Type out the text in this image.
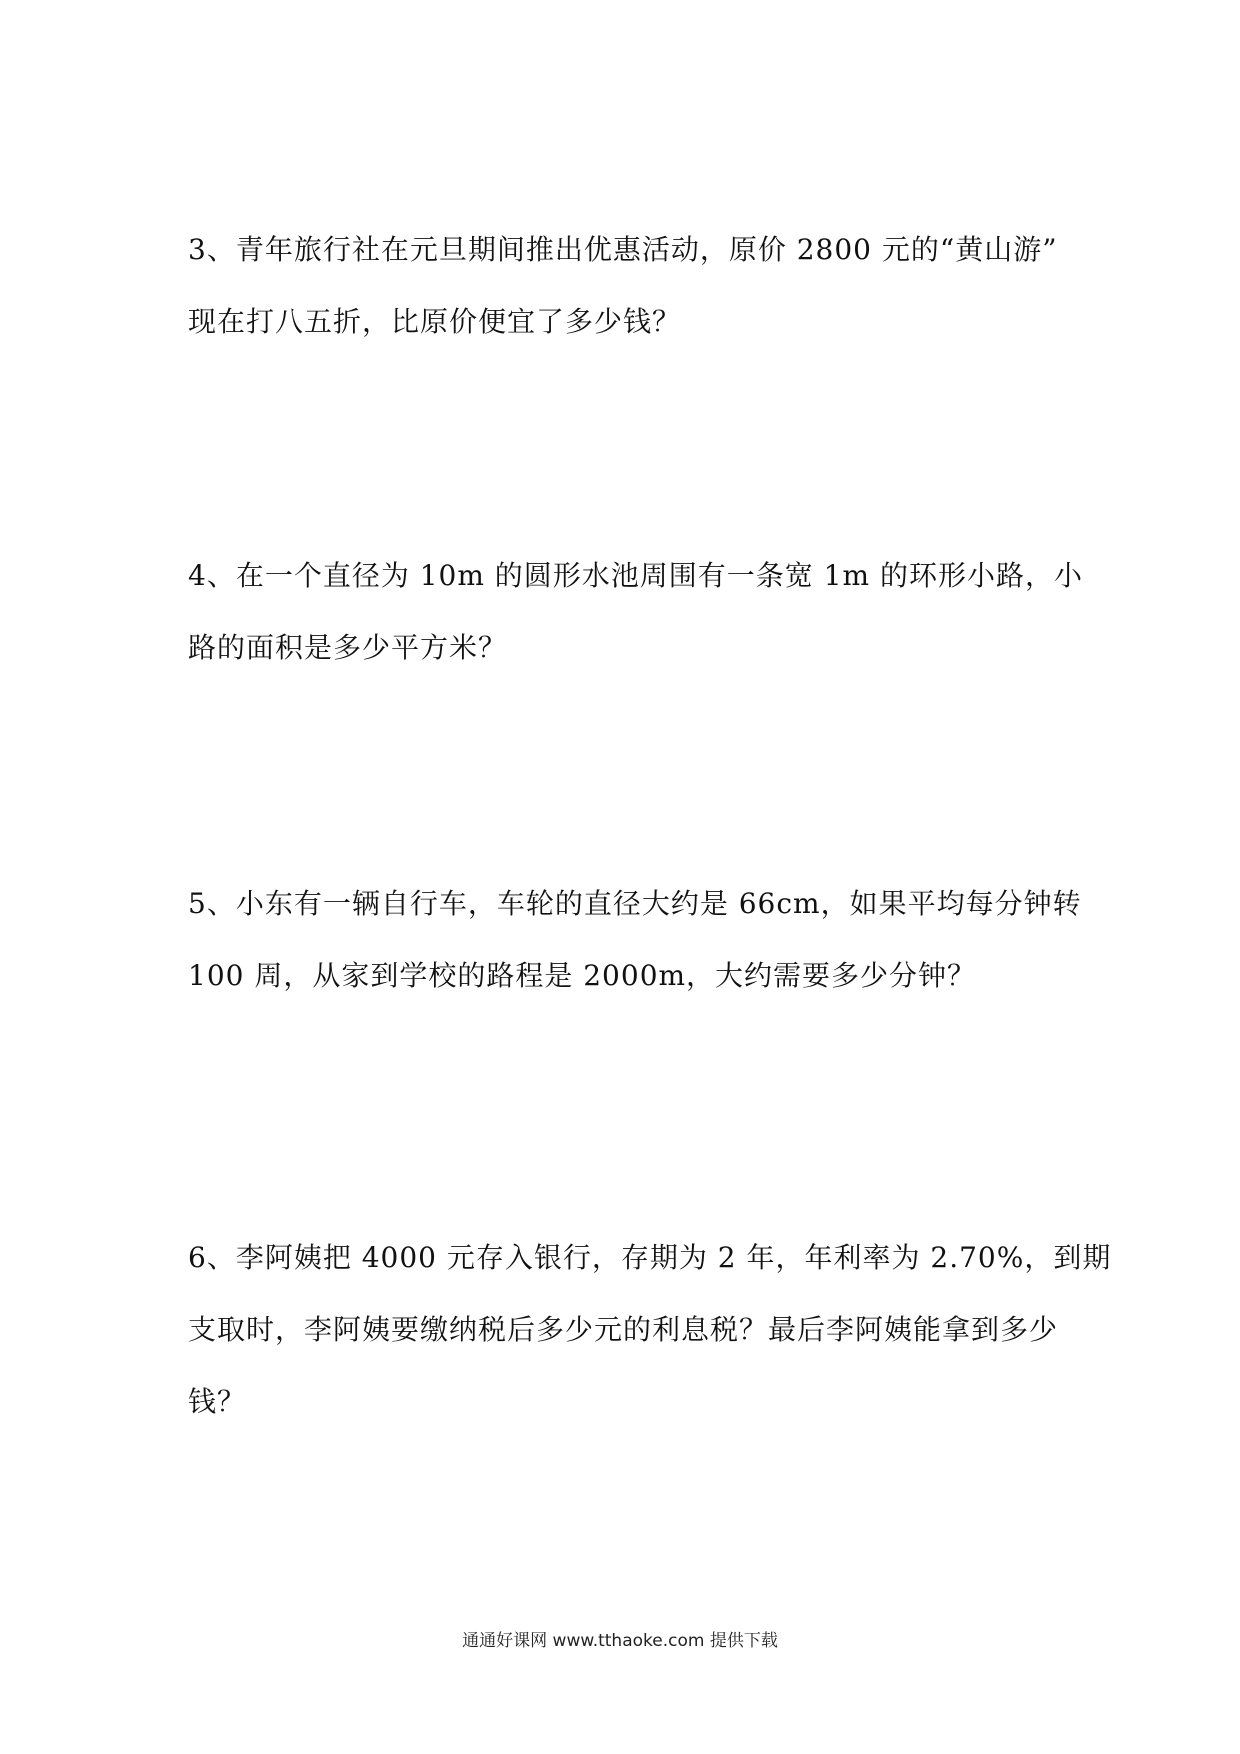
3、青年旅行社在元旦期间推出优惠活动，原价 2800 元的“黄山游”
现在打八五折，比原价便宜了多少钱？
4、在一个直径为 10m 的圆形水池周围有一条宽 1m 的环形小路，小
路的面积是多少平方米？
5、小东有一辆自行车，车轮的直径大约是 66cm，如果平均每分钟转
100 周，从家到学校的路程是 2000m，大约需要多少分钟？
6、李阿姨把 4000 元存入银行，存期为 2 年，年利率为 2.70%，到期
支取时，李阿姨要缴纳税后多少元的利息税？最后李阿姨能拿到多少
钱？
通通好课网 www.tthaoke.com 提供下载
